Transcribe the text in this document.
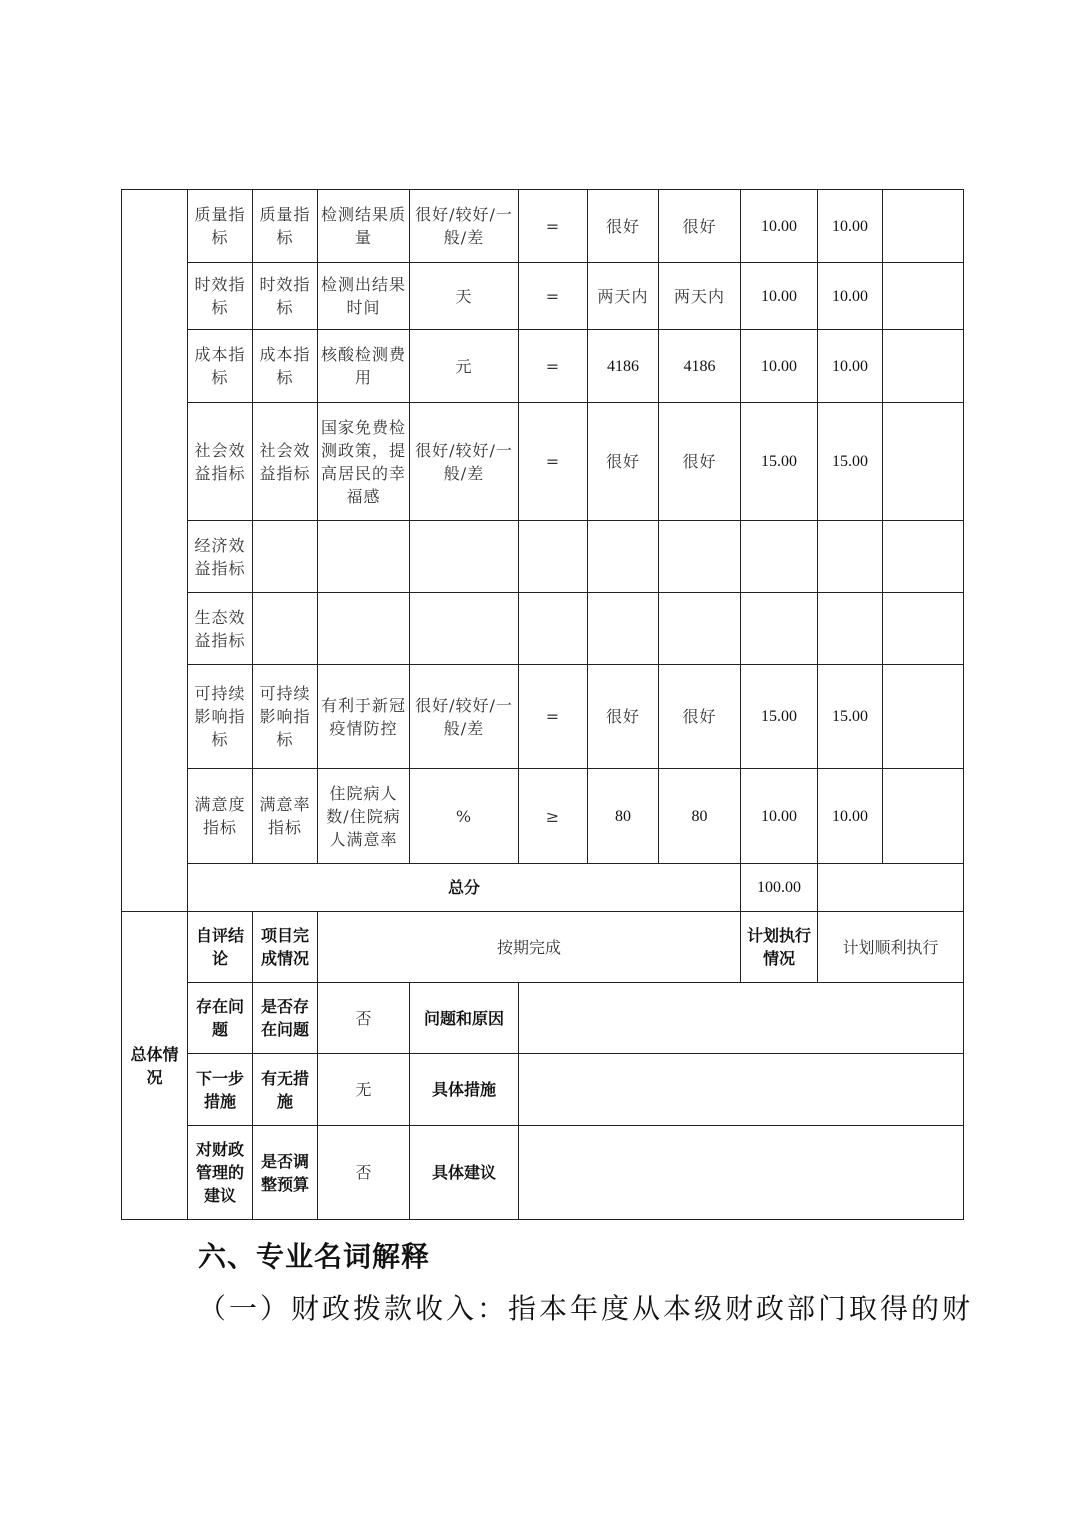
	质量指标	质量指标	检测结果质量	很好/较好/一般/差	=	很好	很好	10.00	10.00	
	时效指标	时效指标	检测出结果时间	天	=	两天内	两天内	10.00	10.00	
	成本指标	成本指标	核酸检测费用	元	=	4186	4186	10.00	10.00	
	社会效益指标	社会效益指标	国家免费检测政策，提高居民的幸福感	很好/较好/一般/差	=	很好	很好	15.00	15.00	
	经济效益指标									
	生态效益指标									
	可持续影响指标	可持续影响指标	有利于新冠疫情防控	很好/较好/一般/差	=	很好	很好	15.00	15.00	
	满意度指标	满意率指标	住院病人数/住院病人满意率	%	≥	80	80	10.00	10.00	
	总分							100.00		
总体情况	自评结论	项目完成情况	按期完成					计划执行情况	计划顺利执行	
	存在问题	是否存在问题	否	问题和原因						
	下一步措施	有无措施	无	具体措施						
	对财政管理的建议	是否调整预算	否	具体建议						
六、专业名词解释

（一）财政拨款收入：指本年度从本级财政部门取得的财
